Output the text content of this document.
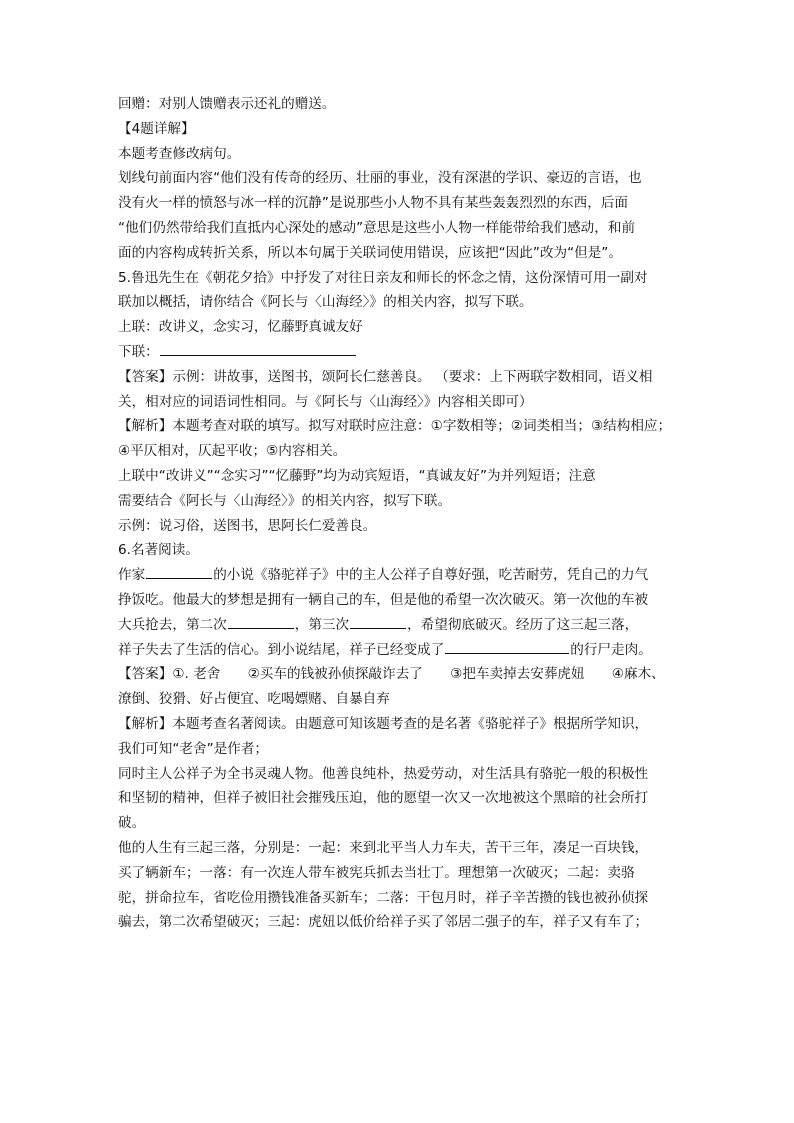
回赠：对别人馈赠表示还礼的赠送。
【4题详解】
本题考查修改病句。
划线句前面内容“他们没有传奇的经历、壮丽的事业，没有深湛的学识、豪迈的言语，也
没有火一样的愤怒与冰一样的沉静”是说那些小人物不具有某些轰轰烈烈的东西，后面
“他们仍然带给我们直抵内心深处的感动”意思是这些小人物一样能带给我们感动，和前
面的内容构成转折关系，所以本句属于关联词使用错误，应该把“因此”改为“但是”。
5.鲁迅先生在《朝花夕拾》中抒发了对往日亲友和师长的怀念之情，这份深情可用一副对
联加以概括，请你结合《阿长与〈山海经〉》的相关内容，拟写下联。
上联：改讲义，念实习，忆藤野真诚友好
下联：
【答案】示例：讲故事，送图书，颂阿长仁慈善良。 （要求：上下两联字数相同，语义相
关，相对应的词语词性相同。与《阿长与〈山海经〉》内容相关即可）
【解析】本题考查对联的填写。拟写对联时应注意：①字数相等；②词类相当；③结构相应；
④平仄相对，仄起平收；⑤内容相关。
上联中“改讲义”“念实习”“忆藤野”均为动宾短语，“真诚友好”为并列短语；注意
需要结合《阿长与〈山海经〉》的相关内容，拟写下联。
示例：说习俗，送图书，思阿长仁爱善良。
6.名著阅读。
作家	的小说《骆驼祥子》中的主人公祥子自尊好强，吃苦耐劳，凭自己的力气
挣饭吃。他最大的梦想是拥有一辆自己的车，但是他的希望一次次破灭。第一次他的车被
大兵抢去，第二次	，第三次	，希望彻底破灭。经历了这三起三落，
祥子失去了生活的信心。到小说结尾，祥子已经变成了	的行尸走肉。
【答案】①. 老舍　　②买车的钱被孙侦探敲诈去了　　③把车卖掉去安葬虎妞　　④麻木、
潦倒、狡猾、好占便宜、吃喝嫖赌、自暴自弃
【解析】本题考查名著阅读。由题意可知该题考查的是名著《骆驼祥子》根据所学知识，
我们可知“老舍”是作者；
同时主人公祥子为全书灵魂人物。他善良纯朴，热爱劳动，对生活具有骆驼一般的积极性
和坚韧的精神，但祥子被旧社会摧残压迫，他的愿望一次又一次地被这个黑暗的社会所打
破。
他的人生有三起三落，分别是：一起：来到北平当人力车夫，苦干三年，凑足一百块钱，
买了辆新车；一落：有一次连人带车被宪兵抓去当壮丁。理想第一次破灭；二起：卖骆
驼，拼命拉车，省吃俭用攒钱准备买新车；二落：干包月时，祥子辛苦攒的钱也被孙侦探
骗去，第二次希望破灭；三起：虎妞以低价给祥子买了邻居二强子的车，祥子又有车了；
